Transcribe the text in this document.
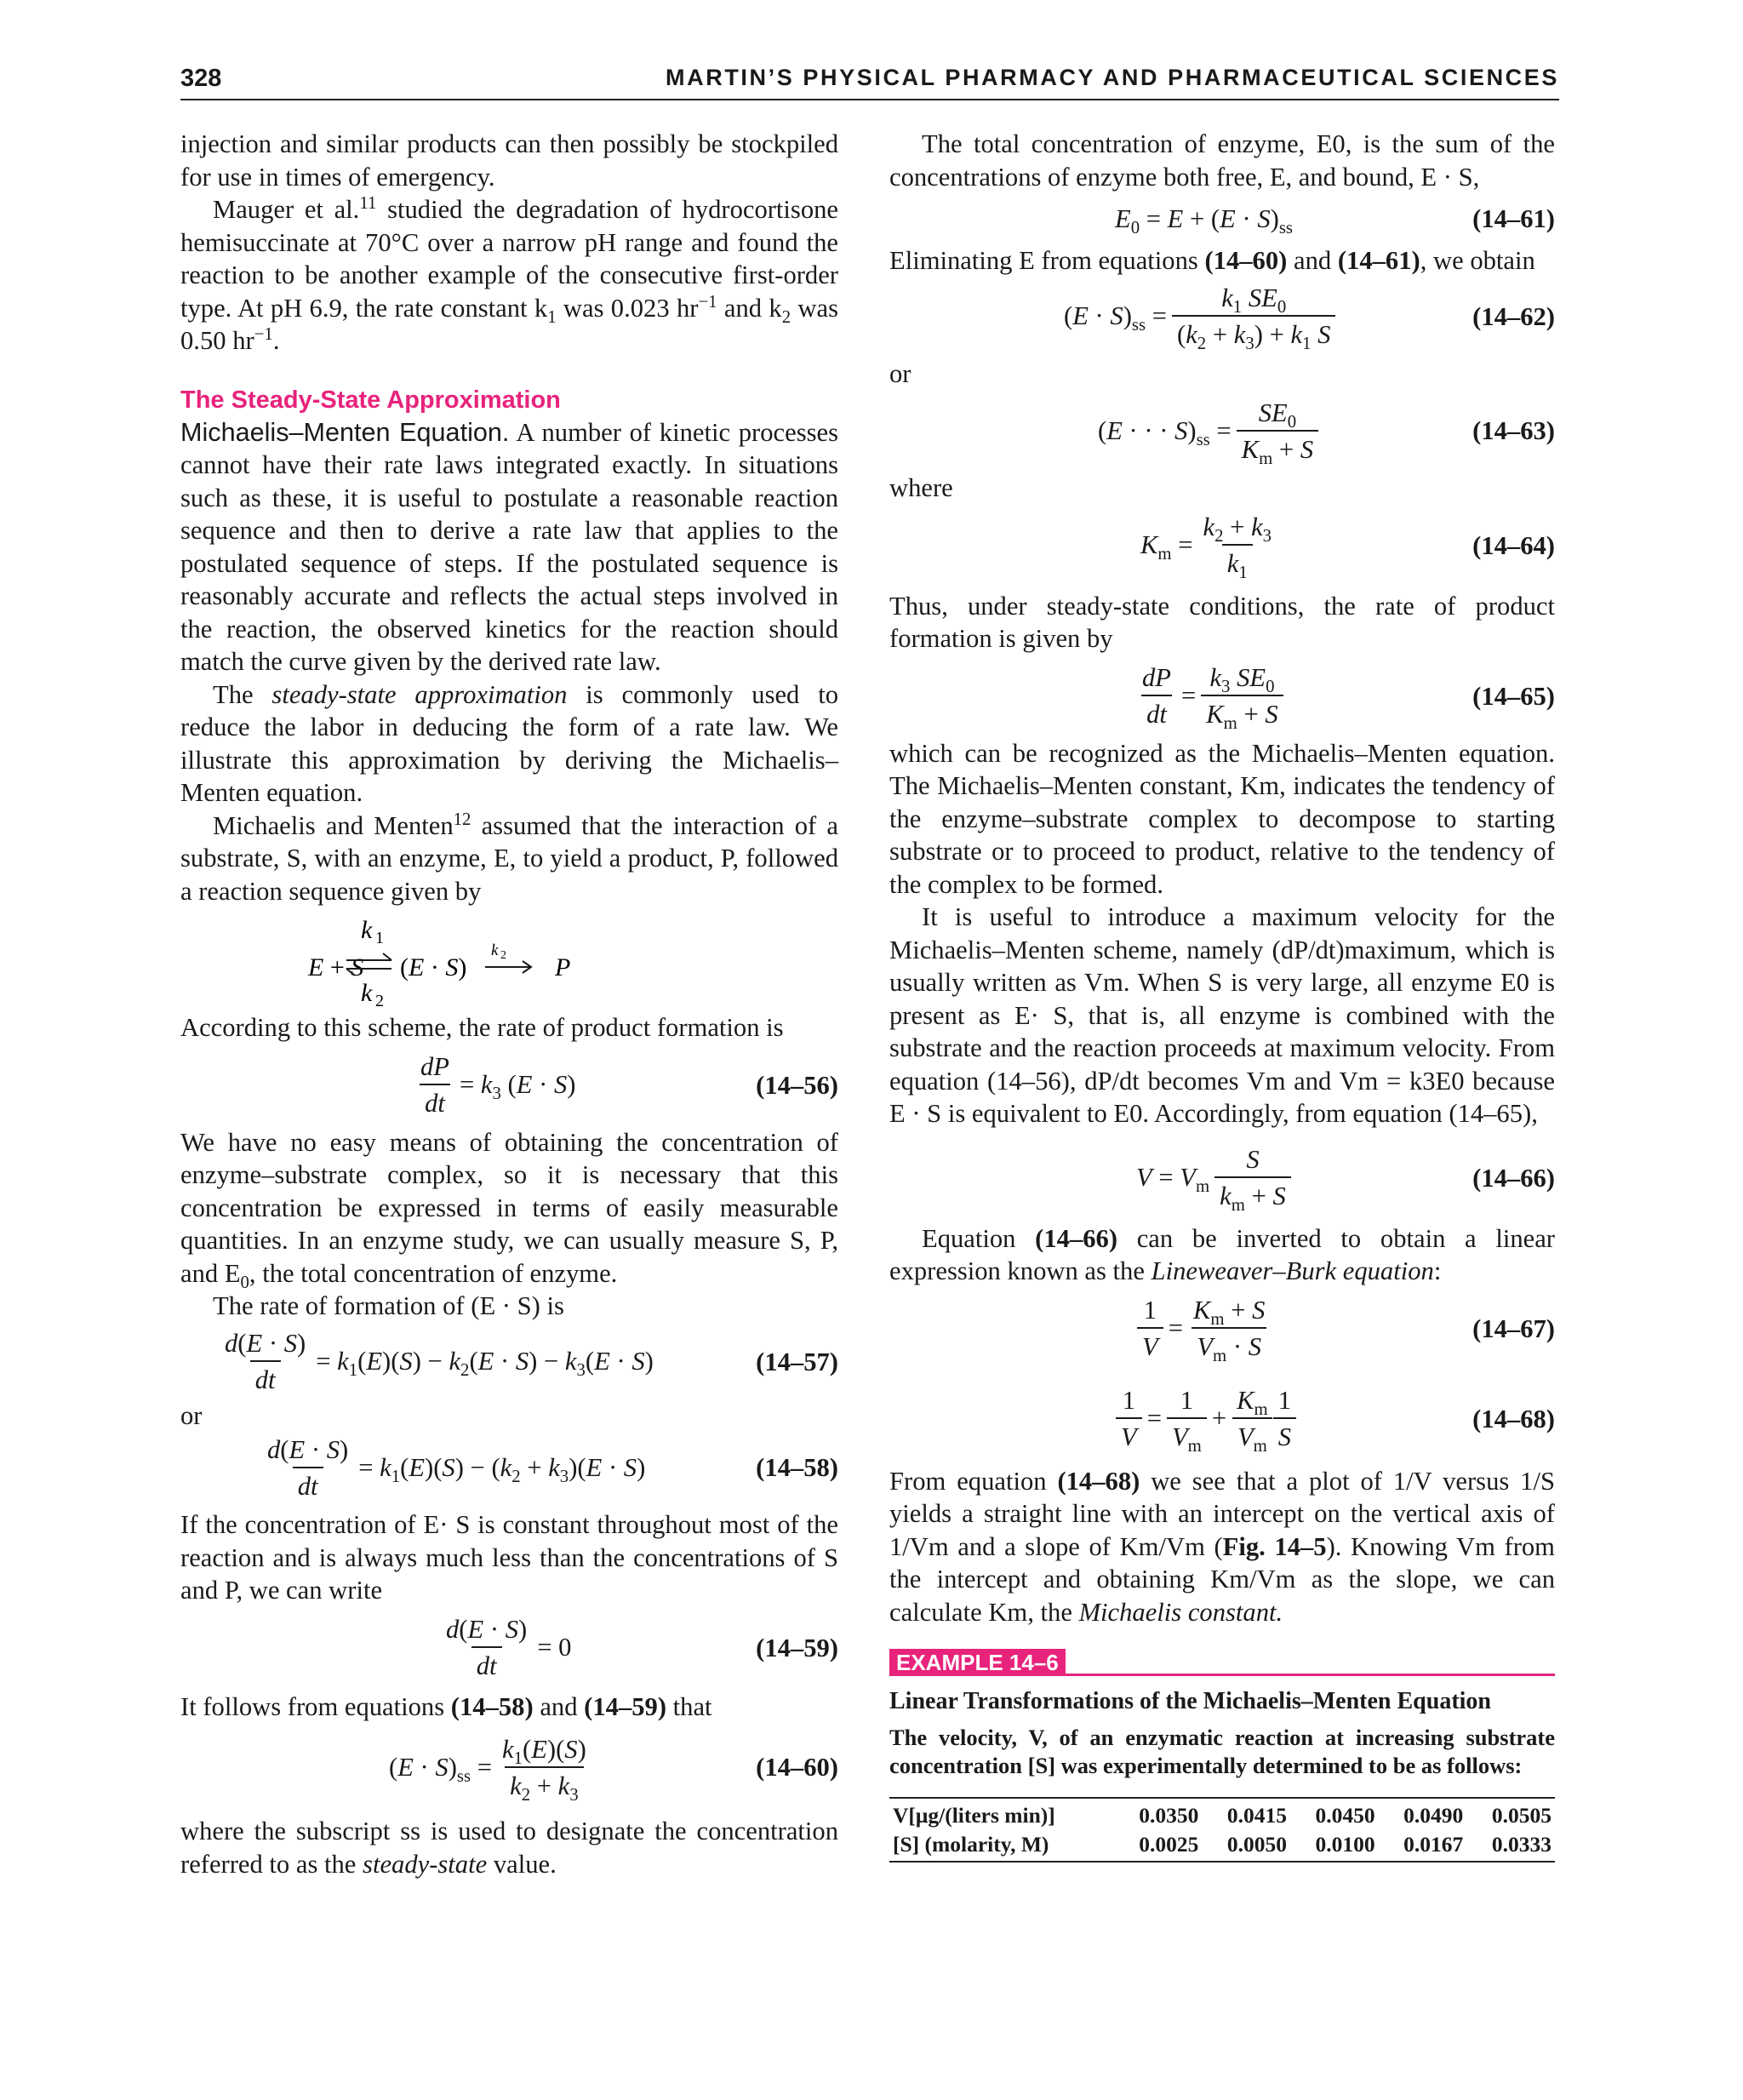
328	MARTIN’S PHYSICAL PHARMACY AND PHARMACEUTICAL SCIENCES

injection and similar products can then possibly be stockpiled for use in times of emergency.

Mauger et al.$^{11}$ studied the degradation of hydrocortisone hemisuccinate at 70°C over a narrow pH range and found the reaction to be another example of the consecutive first-order type. At pH 6.9, the rate constant $k_1$ was 0.023 $hr^{-1}$ and $k_2$ was 0.50 $hr^{-1}$.

The Steady-State Approximation

Michaelis–Menten Equation. A number of kinetic processes cannot have their rate laws integrated exactly. In situations such as these, it is useful to postulate a reasonable reaction sequence and then to derive a rate law that applies to the postulated sequence of steps. If the postulated sequence is reasonably accurate and reflects the actual steps involved in the reaction, the observed kinetics for the reaction should match the curve given by the derived rate law.

The steady-state approximation is commonly used to reduce the labor in deducing the form of a rate law. We illustrate this approximation by deriving the Michaelis–Menten equation.

Michaelis and Menten$^{12}$ assumed that the interaction of a substrate, S, with an enzyme, E, to yield a product, P, followed a reaction sequence given by

k 1
k 2
E + S (E · S)
k 2 P

According to this scheme, the rate of product formation is

$\frac{dP}{dt} = k_3$ (E · S)	(14–56)

We have no easy means of obtaining the concentration of enzyme–substrate complex, so it is necessary that this concentration be expressed in terms of easily measurable quantities. In an enzyme study, we can usually measure S, P, and $E_0$, the total concentration of enzyme.

The rate of formation of (E · S) is

$\frac{d(E \cdot S)}{dt} = k_1(E)(S) - k_2(E \cdot S) - k_3(E \cdot S)$	(14–57)

or

$\frac{d(E \cdot S)}{dt} = k_1(E)(S) - (k_2 + k_3)(E \cdot S)$	(14–58)

If the concentration of E· S is constant throughout most of the reaction and is always much less than the concentrations of S and P, we can write

$\frac{d(E \cdot S)}{dt} = 0$	(14–59)

It follows from equations (14–58) and (14–59) that

$(E \cdot S)_{ss} = \frac{k_1(E)(S)}{k_2 + k_3}$	(14–60)

where the subscript ss is used to designate the concentration referred to as the steady-state value.

The total concentration of enzyme, E0, is the sum of the concentrations of enzyme both free, E, and bound, E · S,

$E_0 = E + (E \cdot S)_{ss}$	(14–61)

Eliminating E from equations (14–60) and (14–61), we obtain

$(E \cdot S)_{ss} = \frac{k_1 SE_0}{(k_2 + k_3) + k_1 S}$	(14–62)

or

(E · · · $S)_{ss} = \frac{SE_0}{K_m + S}$	(14–63)

where

$K_m = \frac{k_2 + k_3}{k_1}$	(14–64)

Thus, under steady-state conditions, the rate of product formation is given by

$\frac{dP}{dt} = \frac{k_3 SE_0}{K_m + S}$	(14–65)

which can be recognized as the Michaelis–Menten equation. The Michaelis–Menten constant, Km, indicates the tendency of the enzyme–substrate complex to decompose to starting substrate or to proceed to product, relative to the tendency of the complex to be formed.

It is useful to introduce a maximum velocity for the Michaelis–Menten scheme, namely (dP/dt)maximum, which is usually written as Vm. When S is very large, all enzyme E0 is present as E· S, that is, all enzyme is combined with the substrate and the reaction proceeds at maximum velocity. From equation (14–56), dP/dt becomes Vm and Vm = k3E0 because E · S is equivalent to E0. Accordingly, from equation (14–65),

$V = V_m \frac{S}{k_m + S}$	(14–66)

Equation (14–66) can be inverted to obtain a linear expression known as the Lineweaver–Burk equation:

$\frac{1}{V} = \frac{K_m + S}{V_m \cdot S}$	(14–67)
$\frac{1}{V} = \frac{1}{V_m} + \frac{K_m}{V_m} \frac{1}{S}$	(14–68)

From equation (14–68) we see that a plot of 1/V versus 1/S yields a straight line with an intercept on the vertical axis of 1/Vm and a slope of Km/Vm (Fig. 14–5). Knowing Vm from the intercept and obtaining Km/Vm as the slope, we can calculate Km, the Michaelis constant.

EXAMPLE 14–6
Linear Transformations of the Michaelis–Menten Equation

The velocity, V, of an enzymatic reaction at increasing substrate concentration [S] was experimentally determined to be as follows:

V[μg/(liters min)]	0.0350	0.0415	0.0450	0.0490	0.0505
[S] (molarity, M)	0.0025	0.0050	0.0100	0.0167	0.0333
